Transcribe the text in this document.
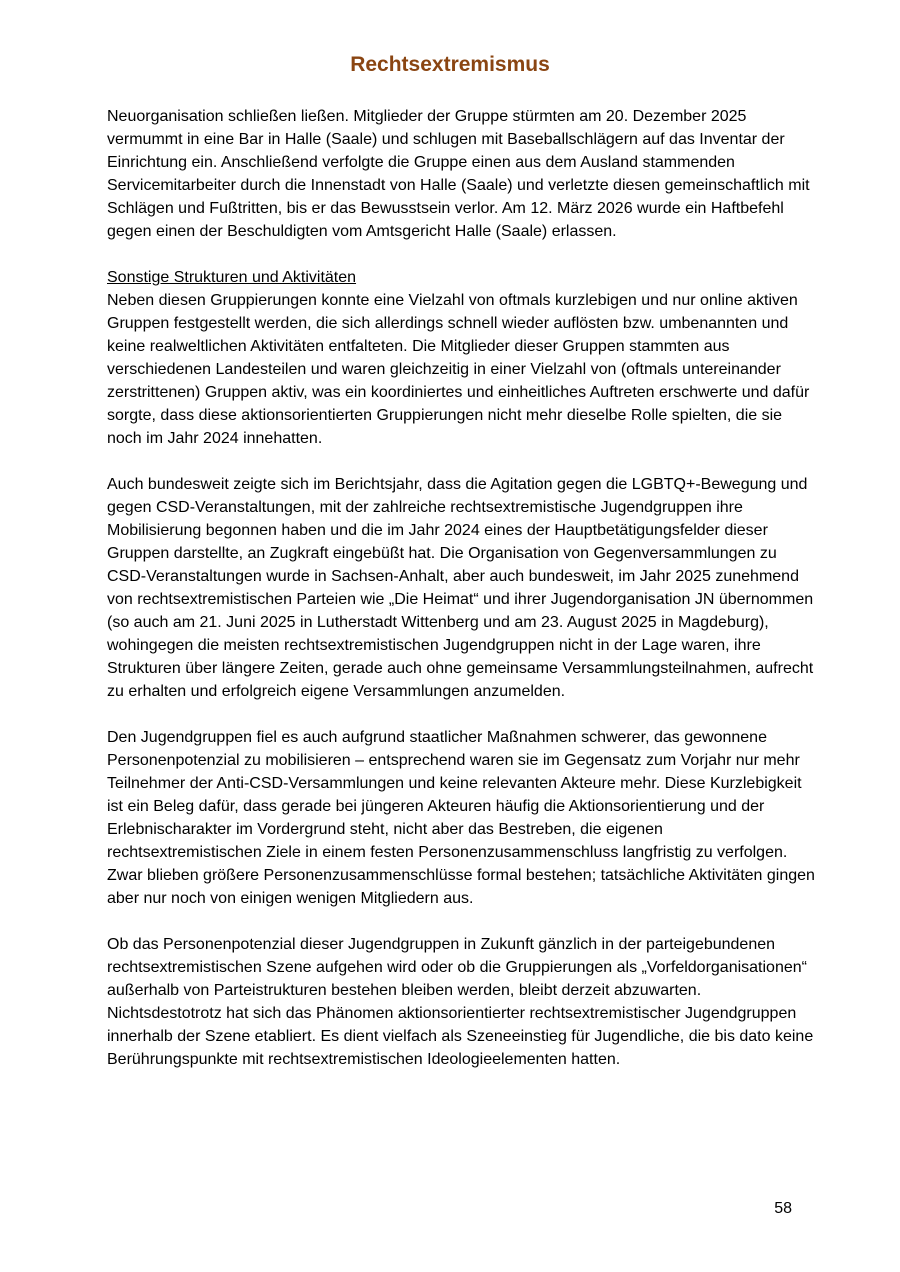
Rechtsextremismus

Neuorganisation schließen ließen. Mitglieder der Gruppe stürmten am 20. Dezember 2025 vermummt in eine Bar in Halle (Saale) und schlugen mit Baseballschlägern auf das Inventar der Einrichtung ein. Anschließend verfolgte die Gruppe einen aus dem Ausland stammenden Servicemitarbeiter durch die Innenstadt von Halle (Saale) und verletzte diesen gemeinschaftlich mit Schlägen und Fußtritten, bis er das Bewusstsein verlor. Am 12. März 2026 wurde ein Haftbefehl gegen einen der Beschuldigten vom Amtsgericht Halle (Saale) erlassen.

Sonstige Strukturen und Aktivitäten
Neben diesen Gruppierungen konnte eine Vielzahl von oftmals kurzlebigen und nur online aktiven Gruppen festgestellt werden, die sich allerdings schnell wieder auflösten bzw. umbenannten und keine realweltlichen Aktivitäten entfalteten. Die Mitglieder dieser Gruppen stammten aus verschiedenen Landesteilen und waren gleichzeitig in einer Vielzahl von (oftmals untereinander zerstrittenen) Gruppen aktiv, was ein koordiniertes und einheitliches Auftreten erschwerte und dafür sorgte, dass diese aktionsorientierten Gruppierungen nicht mehr dieselbe Rolle spielten, die sie noch im Jahr 2024 innehatten.

Auch bundesweit zeigte sich im Berichtsjahr, dass die Agitation gegen die LGBTQ+-Bewegung und gegen CSD-Veranstaltungen, mit der zahlreiche rechtsextremistische Jugendgruppen ihre Mobilisierung begonnen haben und die im Jahr 2024 eines der Hauptbetätigungsfelder dieser Gruppen darstellte, an Zugkraft eingebüßt hat. Die Organisation von Gegenversammlungen zu CSD-Veranstaltungen wurde in Sachsen-Anhalt, aber auch bundesweit, im Jahr 2025 zunehmend von rechtsextremistischen Parteien wie „Die Heimat“ und ihrer Jugendorganisation JN übernommen (so auch am 21. Juni 2025 in Lutherstadt Wittenberg und am 23. August 2025 in Magdeburg), wohingegen die meisten rechtsextremistischen Jugendgruppen nicht in der Lage waren, ihre Strukturen über längere Zeiten, gerade auch ohne gemeinsame Versammlungsteilnahmen, aufrecht zu erhalten und erfolgreich eigene Versammlungen anzumelden.

Den Jugendgruppen fiel es auch aufgrund staatlicher Maßnahmen schwerer, das gewonnene Personenpotenzial zu mobilisieren – entsprechend waren sie im Gegensatz zum Vorjahr nur mehr Teilnehmer der Anti-CSD-Versammlungen und keine relevanten Akteure mehr. Diese Kurzlebigkeit ist ein Beleg dafür, dass gerade bei jüngeren Akteuren häufig die Aktionsorientierung und der Erlebnischarakter im Vordergrund steht, nicht aber das Bestreben, die eigenen rechtsextremistischen Ziele in einem festen Personenzusammenschluss langfristig zu verfolgen. Zwar blieben größere Personenzusammenschlüsse formal bestehen; tatsächliche Aktivitäten gingen aber nur noch von einigen wenigen Mitgliedern aus.

Ob das Personenpotenzial dieser Jugendgruppen in Zukunft gänzlich in der parteigebundenen rechtsextremistischen Szene aufgehen wird oder ob die Gruppierungen als „Vorfeldorganisationen“ außerhalb von Parteistrukturen bestehen bleiben werden, bleibt derzeit abzuwarten. Nichtsdestotrotz hat sich das Phänomen aktionsorientierter rechtsextremistischer Jugendgruppen innerhalb der Szene etabliert. Es dient vielfach als Szeneeinstieg für Jugendliche, die bis dato keine Berührungspunkte mit rechtsextremistischen Ideologieelementen hatten.

58
